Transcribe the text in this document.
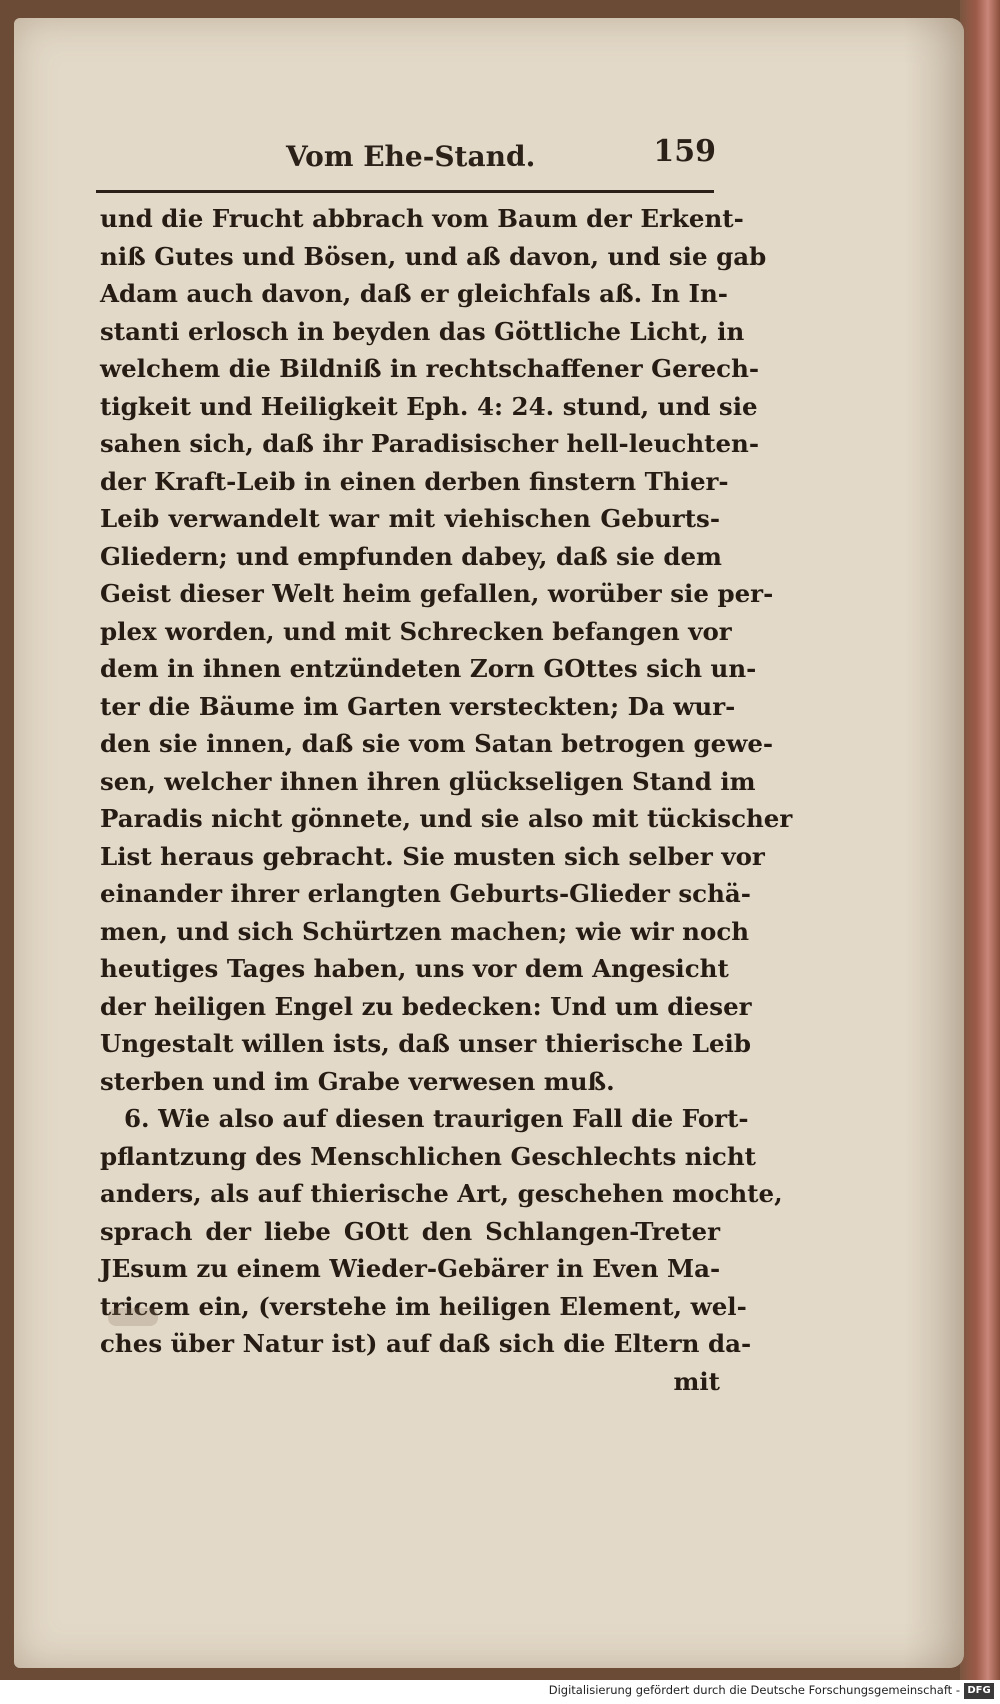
Vom Ehe-Stand.	159
und die Frucht abbrach vom Baum der Erkent-
niß Gutes und Bösen, und aß davon, und sie gab
Adam auch davon, daß er gleichfals aß. In In-
stanti erlosch in beyden das Göttliche Licht, in
welchem die Bildniß in rechtschaffener Gerech-
tigkeit und Heiligkeit Eph. 4: 24. stund, und sie
sahen sich, daß ihr Paradisischer hell-leuchten-
der Kraft-Leib in einen derben finstern Thier-
Leib verwandelt war mit viehischen Geburts-
Gliedern; und empfunden dabey, daß sie dem
Geist dieser Welt heim gefallen, worüber sie per-
plex worden, und mit Schrecken befangen vor
dem in ihnen entzündeten Zorn GOttes sich un-
ter die Bäume im Garten versteckten; Da wur-
den sie innen, daß sie vom Satan betrogen gewe-
sen, welcher ihnen ihren glückseligen Stand im
Paradis nicht gönnete, und sie also mit tückischer
List heraus gebracht. Sie musten sich selber vor
einander ihrer erlangten Geburts-Glieder schä-
men, und sich Schürtzen machen; wie wir noch
heutiges Tages haben, uns vor dem Angesicht
der heiligen Engel zu bedecken: Und um dieser
Ungestalt willen ists, daß unser thierische Leib
sterben und im Grabe verwesen muß.
6. Wie also auf diesen traurigen Fall die Fort-
pflantzung des Menschlichen Geschlechts nicht
anders, als auf thierische Art, geschehen mochte,
sprach der liebe GOtt den Schlangen-Treter
JEsum zu einem Wieder-Gebärer in Even Ma-
tricem ein, (verstehe im heiligen Element, wel-
ches über Natur ist) auf daß sich die Eltern da-
mit
Digitalisierung gefördert durch die Deutsche Forschungsgemeinschaft - DFG
